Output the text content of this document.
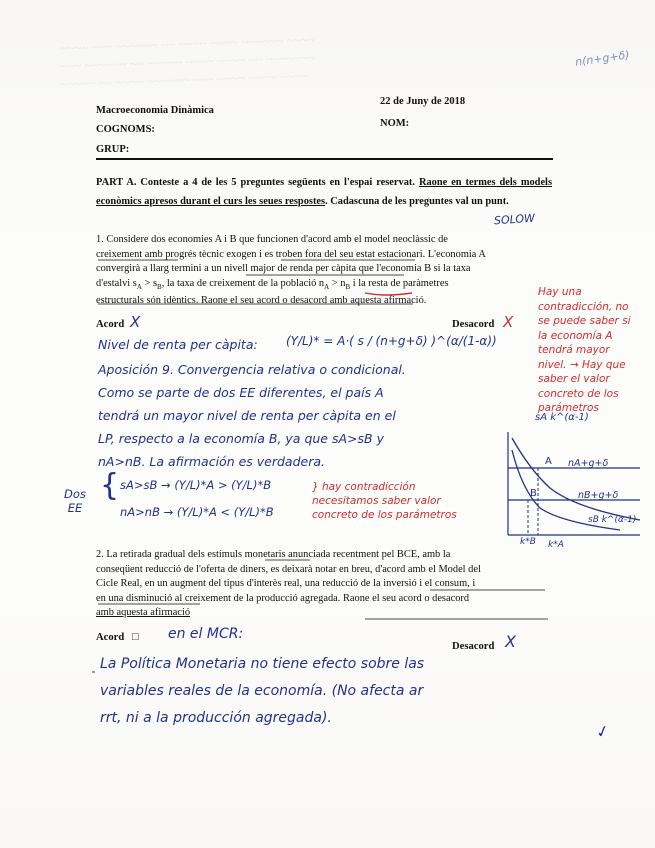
~~~~ ~~~ ~~~~~~ ~~ ~~~~ ~~~~ ~~~~~~ ~~~~
~~~ ~~~~~~ ~~ ~~~~~ ~~~~ ~~~~ ~~ ~~~~~~~
~~~~~ ~~ ~~~~ ~~~~~~ ~~~ ~~~~ ~~~~ ~~~~
n(n+g+δ)
Macroeconomia Dinàmica
22 de Juny de 2018
COGNOMS:
NOM:
GRUP:
PART A. Conteste a 4 de les 5 preguntes següents en l'espai reservat. Raone en termes dels models econòmics apresos durant el curs les seues respostes. Cadascuna de les preguntes val un punt.
SOLOW
1. Considere dos economies A i B que funcionen d'acord amb el model neoclàssic de
creixement amb progrés tècnic exogen i es troben fora del seu estat estacionari. L'economia A
convergirà a llarg termini a un nivell major de renda per càpita que l'economia B si la taxa
d'estalvi $s_A > s_B$, la taxa de creixement de la població $n_A > n_B$ i la resta de paràmetres
estructurals són idèntics. Raone el seu acord o desacord amb aquesta afirmació.
Acord X	Desacord X
Hay una contradicción, no se puede saber si la economía A tendrá mayor nivel. → Hay que saber el valor concreto de los parámetros
Nivel de renta per càpita: (Y/L)* = A·( s / (n+g+δ) )^(α/(1-α))
Aposición 9. Convergencia relativa o condicional.
Como se parte de dos EE diferentes, el país A
tendrá un mayor nivel de renta per càpita en el
LP, respecto a la economía B, ya que sA>sB y
nA>nB. La afirmación es verdadera.
Dos EE
{ sA>sB → (Y/L)*A > (Y/L)*B
nA>nB → (Y/L)*A < (Y/L)*B
} hay contradicción necesitamos saber valor concreto de los parámetros
sA k^(α-1)
A nA+g+δ
B	nB+g+δ
sB k^(α-1)
k*B k*A
2. La retirada gradual dels estímuls monetaris anunciada recentment pel BCE, amb la
conseqüent reducció de l'oferta de diners, es deixarà notar en breu, d'acord amb el Model del
Cicle Real, en un augment del tipus d'interès real, una reducció de la inversió i el consum, i
en una disminució al creixement de la producció agregada. Raone el seu acord o desacord
amb aquesta afirmació
Acord □ en el MCR:
Desacord X
La Política Monetaria no tiene efecto sobre las
variables reales de la economía. (No afecta ar
rrt, ni a la producción agregada).
✓
